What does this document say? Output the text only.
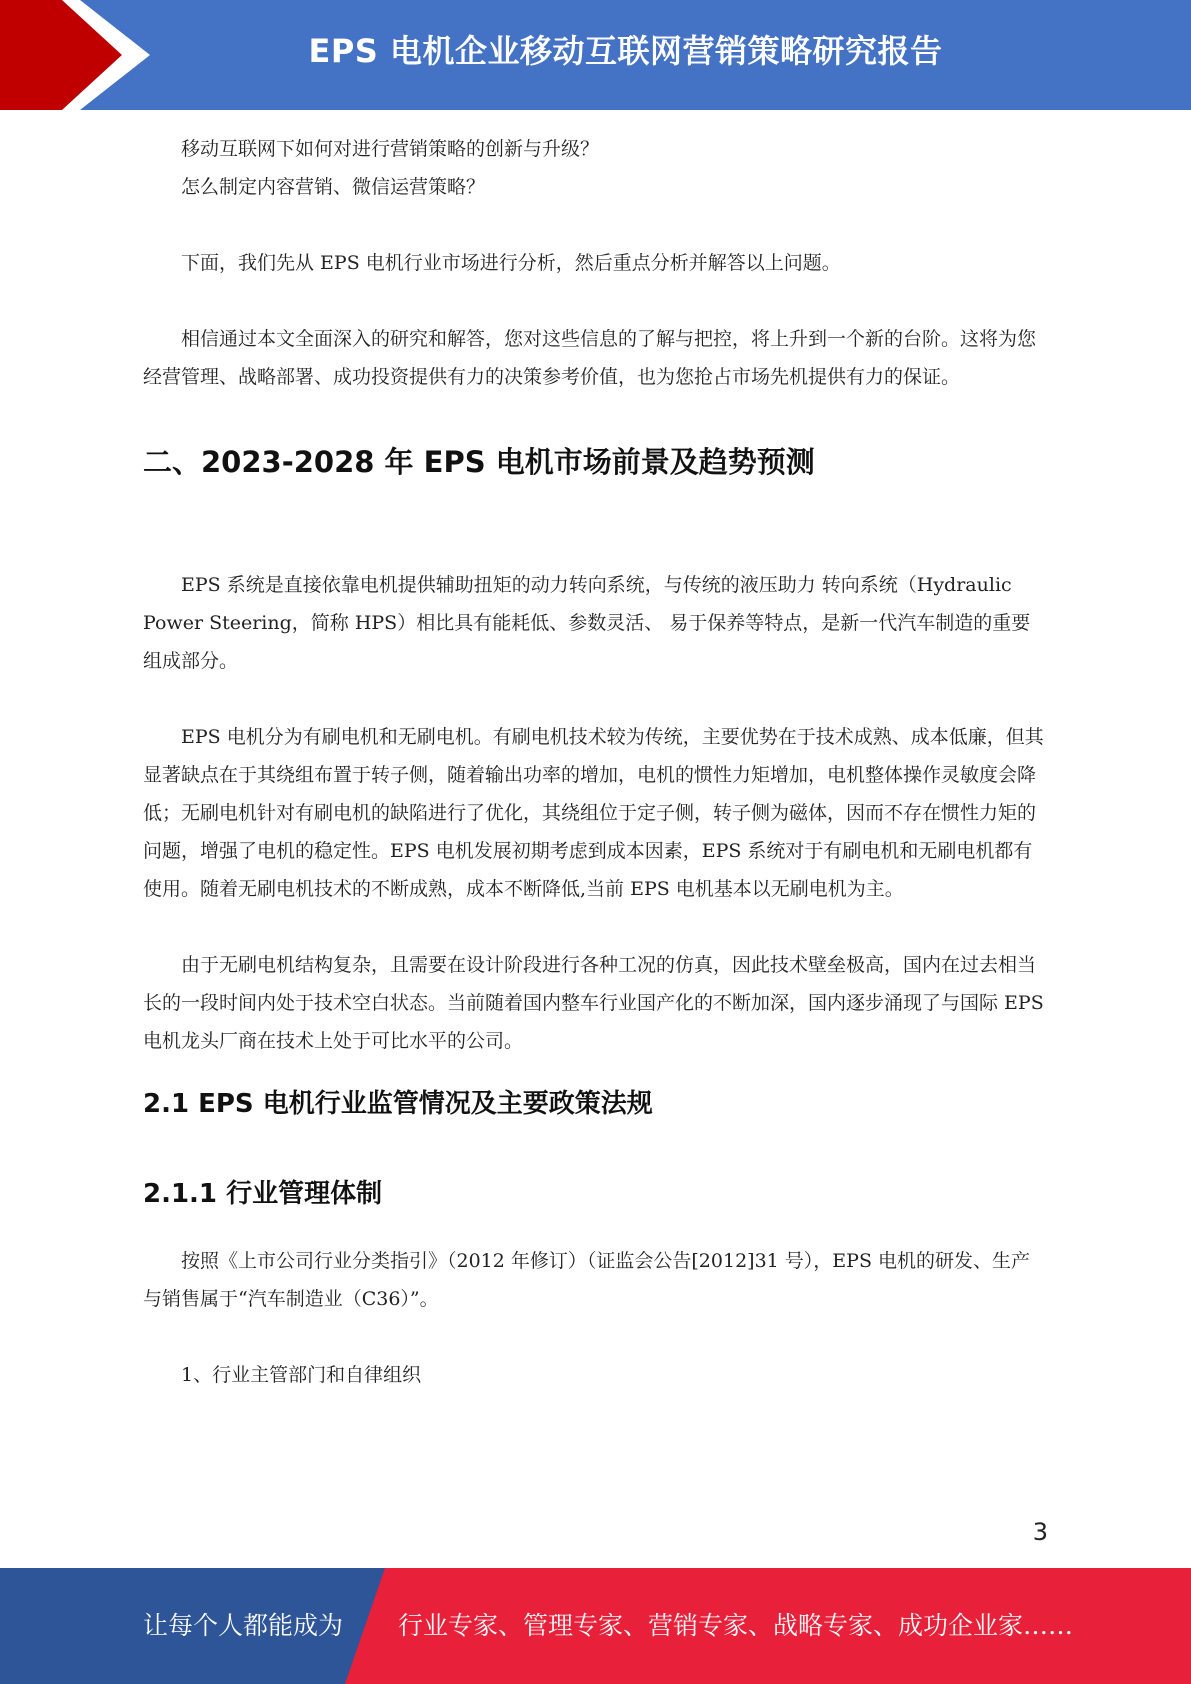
EPS 电机企业移动互联网营销策略研究报告

移动互联网下如何对进行营销策略的创新与升级？

怎么制定内容营销、微信运营策略？

下面，我们先从 EPS 电机行业市场进行分析，然后重点分析并解答以上问题。

相信通过本文全面深入的研究和解答，您对这些信息的了解与把控，将上升到一个新的台阶。这将为您经营管理、战略部署、成功投资提供有力的决策参考价值，也为您抢占市场先机提供有力的保证。

二、2023-2028 年 EPS 电机市场前景及趋势预测

EPS 系统是直接依靠电机提供辅助扭矩的动力转向系统，与传统的液压助力 转向系统（Hydraulic Power Steering，简称 HPS）相比具有能耗低、参数灵活、 易于保养等特点，是新一代汽车制造的重要组成部分。

EPS 电机分为有刷电机和无刷电机。有刷电机技术较为传统，主要优势在于技术成熟、成本低廉，但其显著缺点在于其绕组布置于转子侧，随着输出功率的增加，电机的惯性力矩增加，电机整体操作灵敏度会降低；无刷电机针对有刷电机的缺陷进行了优化，其绕组位于定子侧，转子侧为磁体，因而不存在惯性力矩的问题，增强了电机的稳定性。EPS 电机发展初期考虑到成本因素，EPS 系统对于有刷电机和无刷电机都有使用。随着无刷电机技术的不断成熟，成本不断降低,当前 EPS 电机基本以无刷电机为主。

由于无刷电机结构复杂，且需要在设计阶段进行各种工况的仿真，因此技术壁垒极高，国内在过去相当长的一段时间内处于技术空白状态。当前随着国内整车行业国产化的不断加深，国内逐步涌现了与国际 EPS 电机龙头厂商在技术上处于可比水平的公司。

2.1 EPS 电机行业监管情况及主要政策法规
2.1.1 行业管理体制

按照《上市公司行业分类指引》（2012 年修订）（证监会公告[2012]31 号），EPS 电机的研发、生产与销售属于“汽车制造业（C36）”。

1、行业主管部门和自律组织

3
让每个人都能成为 行业专家、管理专家、营销专家、战略专家、成功企业家……
